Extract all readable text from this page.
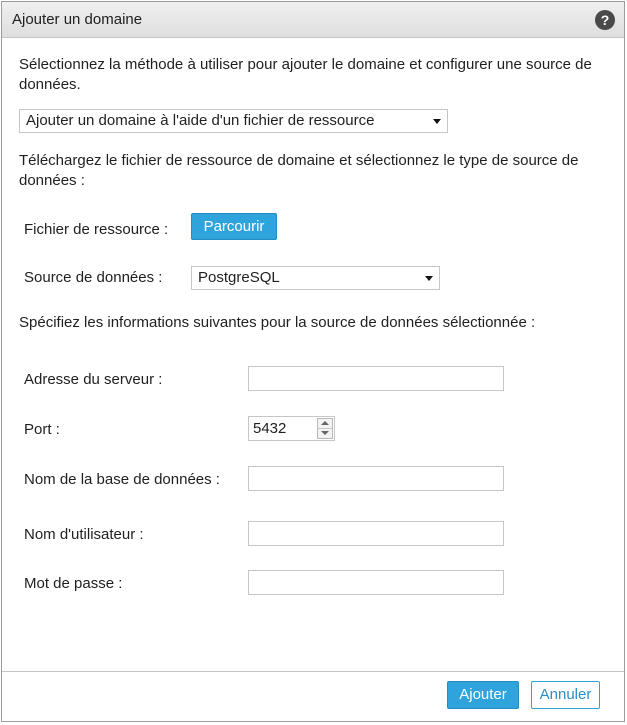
Ajouter un domaine	?
Sélectionnez la méthode à utiliser pour ajouter le domaine et configurer une source de données.
Ajouter un domaine à l'aide d'un fichier de ressource
Téléchargez le fichier de ressource de domaine et sélectionnez le type de source de données :
Fichier de ressource :	Parcourir
Source de données :	PostgreSQL
Spécifiez les informations suivantes pour la source de données sélectionnée :
Adresse du serveur :
Port :	5432
Nom de la base de données :
Nom d'utilisateur :
Mot de passe :
Ajouter	Annuler
